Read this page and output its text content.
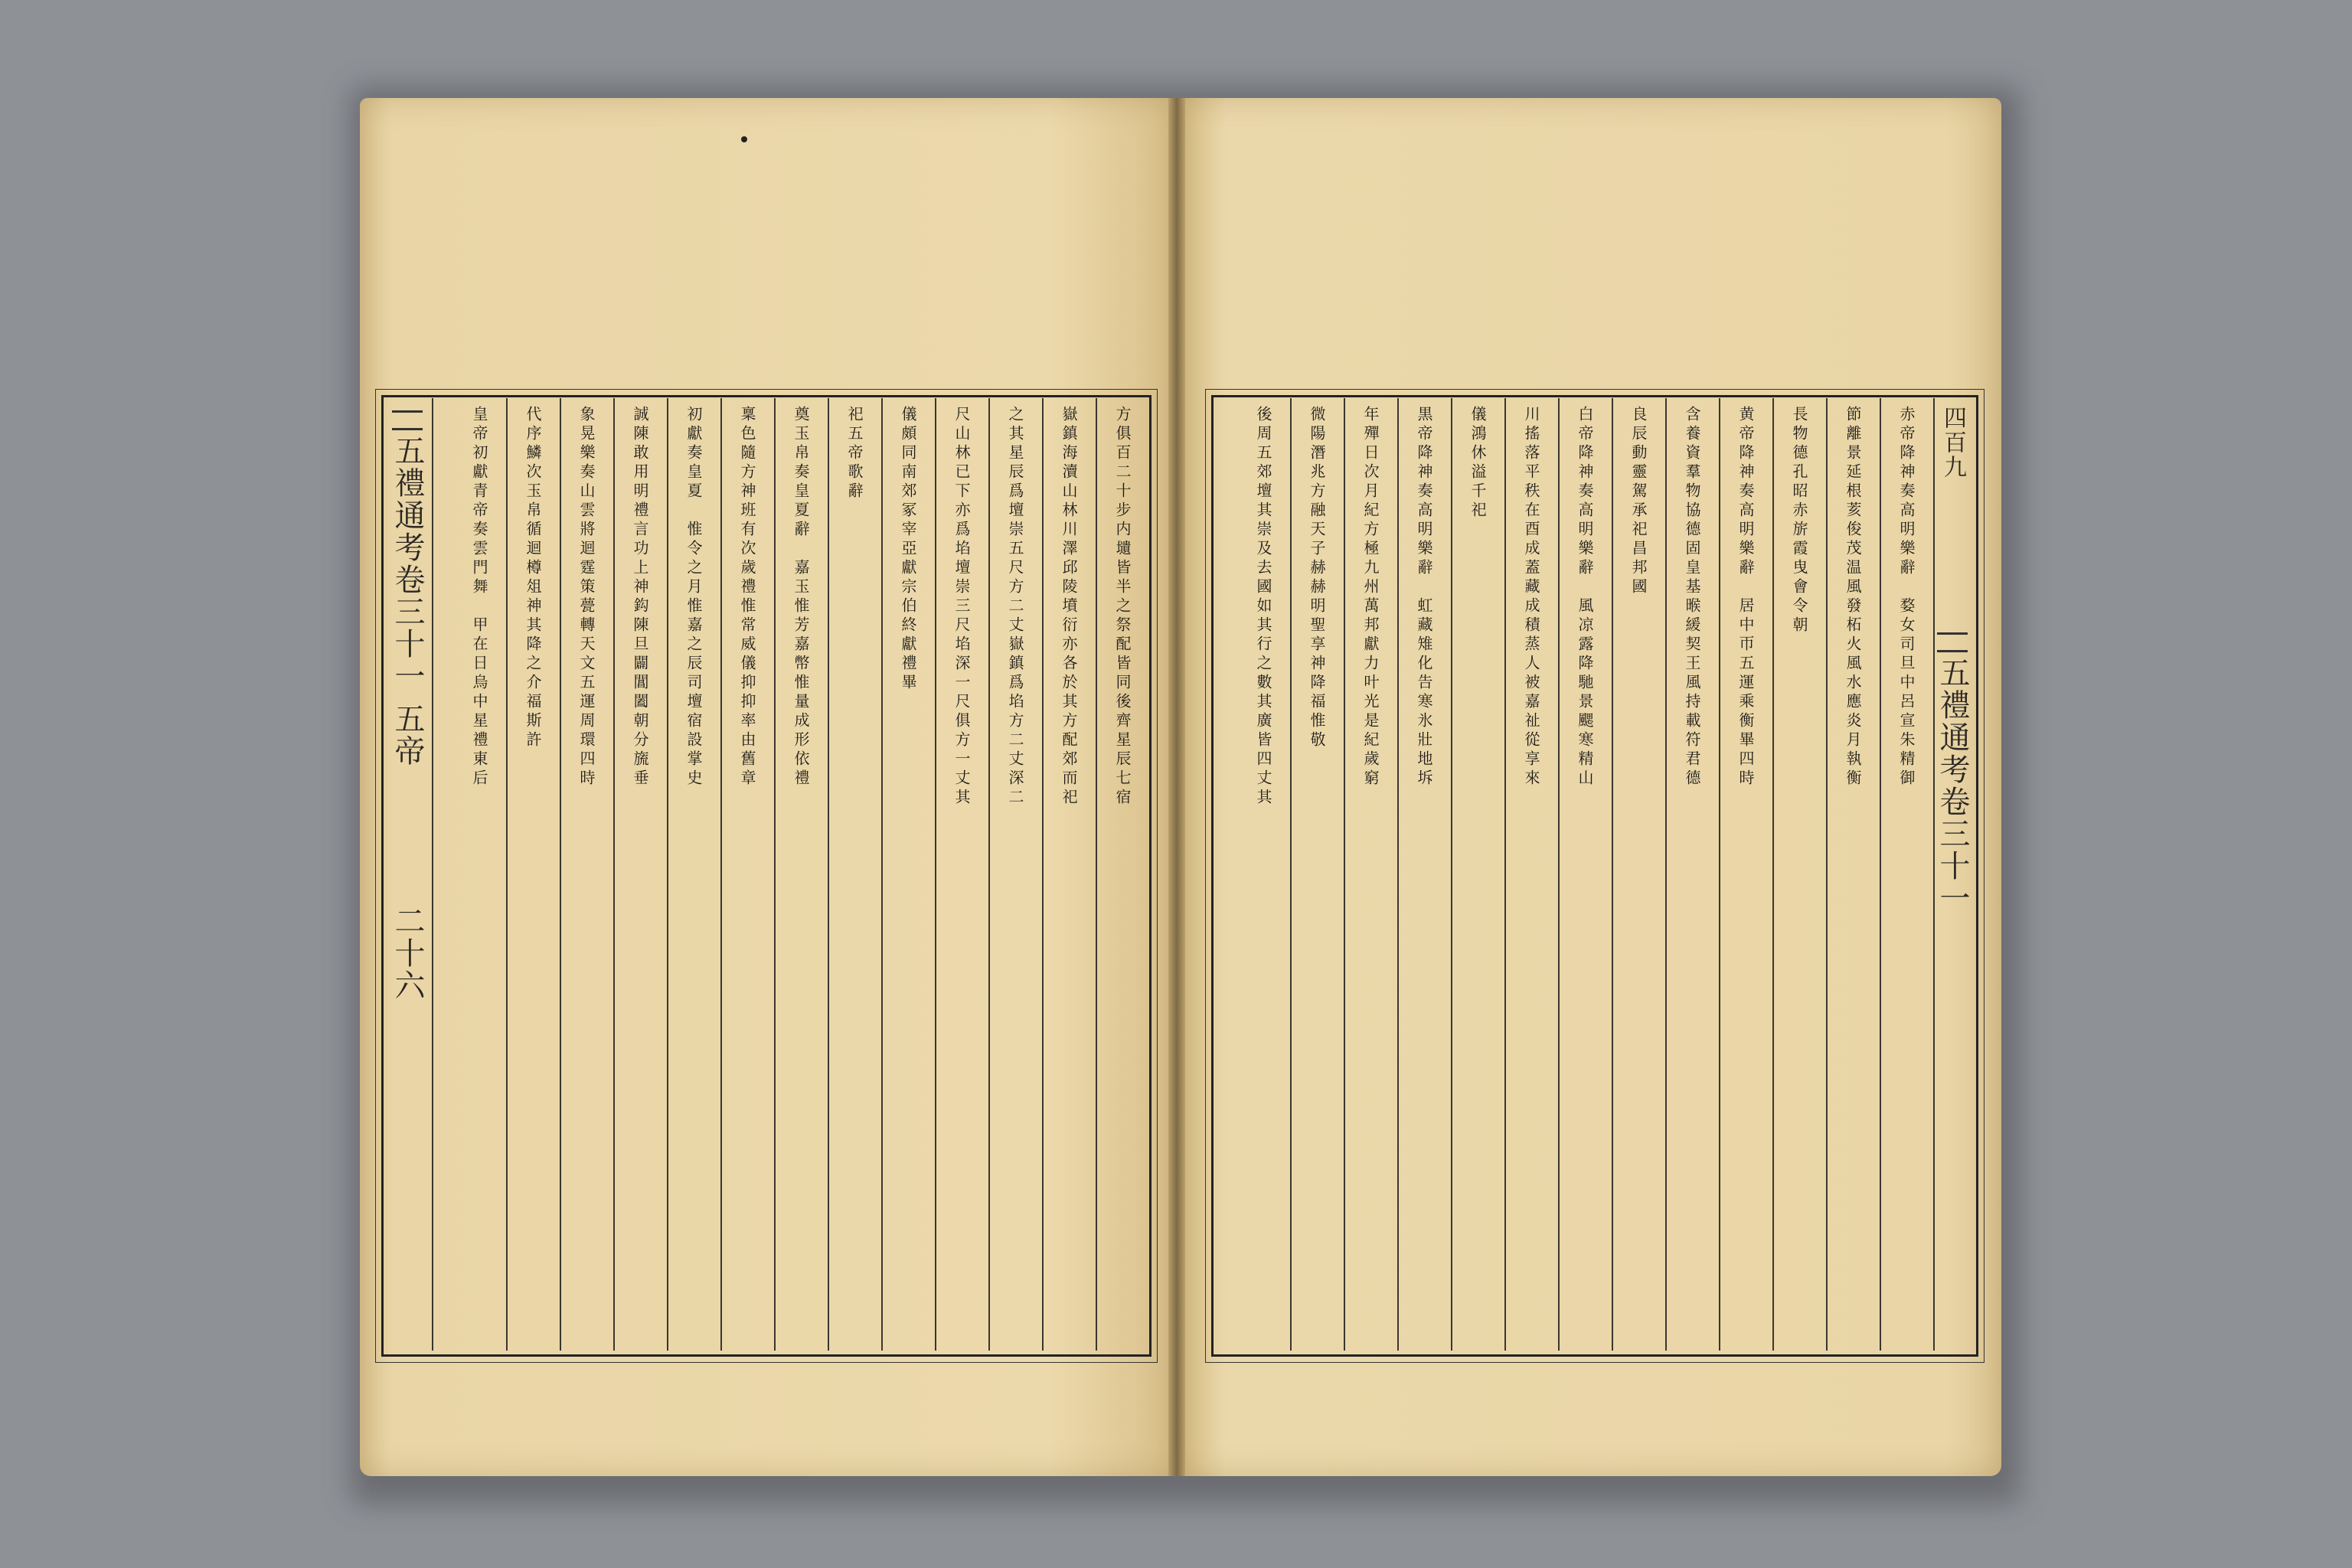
五禮通考卷三十一
五帝
二十六
方俱百二十步内壝皆半之祭配皆同後齊星辰七宿
嶽鎮海瀆山林川澤邱陵墳衍亦各於其方配郊而祀
之其星辰爲壇崇五尺方二丈嶽鎮爲埳方二丈深二
尺山林已下亦爲埳壇崇三尺埳深一尺俱方一丈其
儀頗同南郊冢宰亞獻宗伯終獻禮畢
祀五帝歌辭
奠玉帛奏皇夏辭　嘉玉惟芳嘉幣惟量成形依禮
稟色隨方神班有次歲禮惟常威儀抑抑率由舊章
初獻奏皇夏　惟令之月惟嘉之辰司壇宿設掌史
誠陳敢用明禮言功上神鈎陳旦闢閶闔朝分旒垂
象晃樂奏山雲將迴霆策甍轉天文五運周環四時
代序鱗次玉帛循迴樽俎神其降之介福斯許
皇帝初獻青帝奏雲門舞　甲在日烏中星禮東后	四百九
五禮通考卷三十一
赤帝降神奏高明樂辭　婺女司旦中呂宣朱精御
節離景延根荄俊茂温風發柘火風水應炎月執衡
長物德孔昭赤旂霞曳會令朝
黄帝降神奏高明樂辭　居中帀五運乘衡畢四時
含養資羣物協德固皇基㬋緩契王風持載符君德
良辰動靈駕承祀昌邦國
白帝降神奏高明樂辭　風凉露降馳景颸寒精山
川搖落平秩在酉成蓋藏成積蒸人被嘉祉從享來
儀鴻休溢千祀
黒帝降神奏高明樂辭　虹藏雉化告寒氷壯地坼
年殫日次月紀方極九州萬邦獻力叶光是紀歲窮
微陽潛兆方融天子赫赫明聖享神降福惟敬
後周五郊壇其崇及去國如其行之數其廣皆四丈其
